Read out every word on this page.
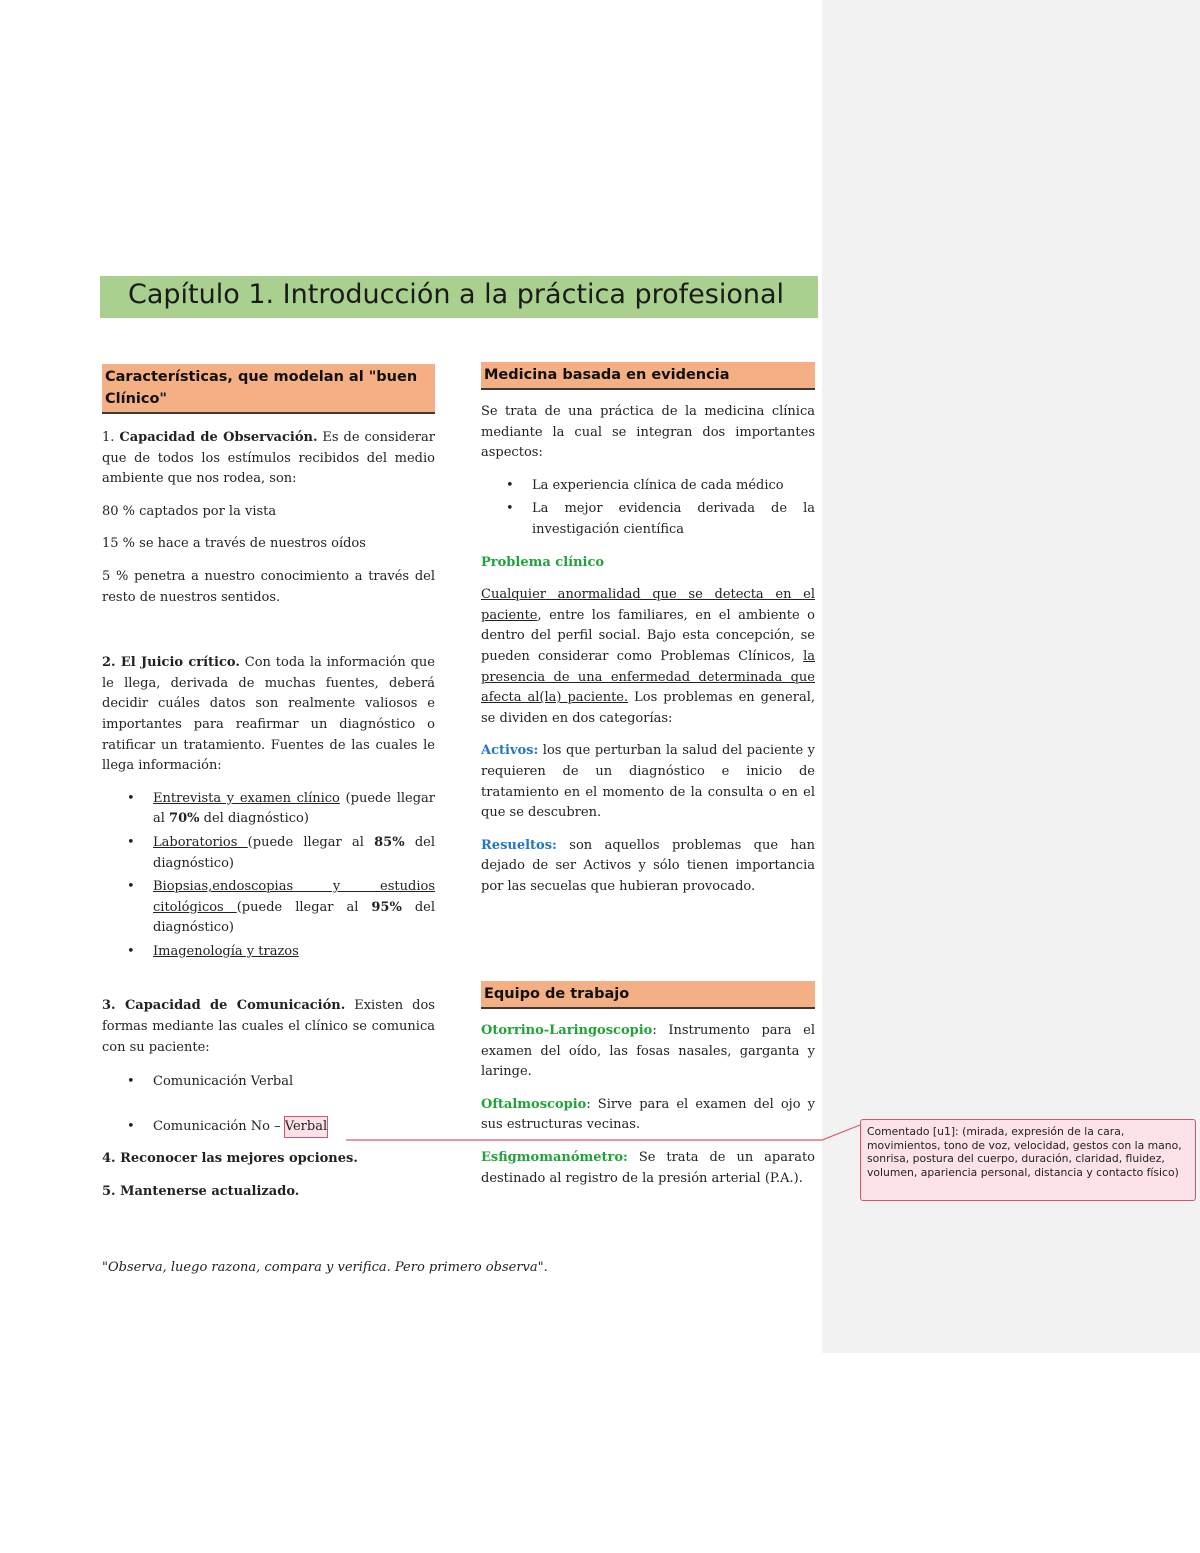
Capítulo 1. Introducción a la práctica profesional
Características, que modelan al "buen Clínico"

1. Capacidad de Observación. Es de considerar que de todos los estímulos recibidos del medio ambiente que nos rodea, son:

80 % captados por la vista

15 % se hace a través de nuestros oídos

5 % penetra a nuestro conocimiento a través del resto de nuestros sentidos.

2. El Juicio crítico. Con toda la información que le llega, derivada de muchas fuentes, deberá decidir cuáles datos son realmente valiosos e importantes para reafirmar un diagnóstico o ratificar un tratamiento. Fuentes de las cuales le llega información:

• Entrevista y examen clínico (puede llegar al 70% del diagnóstico)
• Laboratorios (puede llegar al 85% del diagnóstico)
• Biopsias,endoscopias y estudios citológicos (puede llegar al 95% del diagnóstico)
• Imagenología y trazos

3. Capacidad de Comunicación. Existen dos formas mediante las cuales el clínico se comunica con su paciente:

• Comunicación Verbal
• Comunicación No – Verbal

4. Reconocer las mejores opciones.

5. Mantenerse actualizado.

Medicina basada en evidencia

Se trata de una práctica de la medicina clínica mediante la cual se integran dos importantes aspectos:

• La experiencia clínica de cada médico
• La mejor evidencia derivada de la investigación científica

Problema clínico

Cualquier anormalidad que se detecta en el paciente, entre los familiares, en el ambiente o dentro del perfil social. Bajo esta concepción, se pueden considerar como Problemas Clínicos, la presencia de una enfermedad determinada que afecta al(la) paciente. Los problemas en general, se dividen en dos categorías:

Activos: los que perturban la salud del paciente y requieren de un diagnóstico e inicio de tratamiento en el momento de la consulta o en el que se descubren.

Resueltos: son aquellos problemas que han dejado de ser Activos y sólo tienen importancia por las secuelas que hubieran provocado.

Equipo de trabajo

Otorrino-Laringoscopio: Instrumento para el examen del oído, las fosas nasales, garganta y laringe.

Oftalmoscopio: Sirve para el examen del ojo y sus estructuras vecinas.

Esfigmomanómetro: Se trata de un aparato destinado al registro de la presión arterial (P.A.).

"Observa, luego razona, compara y verifica. Pero primero observa".

Comentado [u1]: (mirada, expresión de la cara, movimientos, tono de voz, velocidad, gestos con la mano, sonrisa, postura del cuerpo, duración, claridad, fluidez, volumen, apariencia personal, distancia y contacto físico)
